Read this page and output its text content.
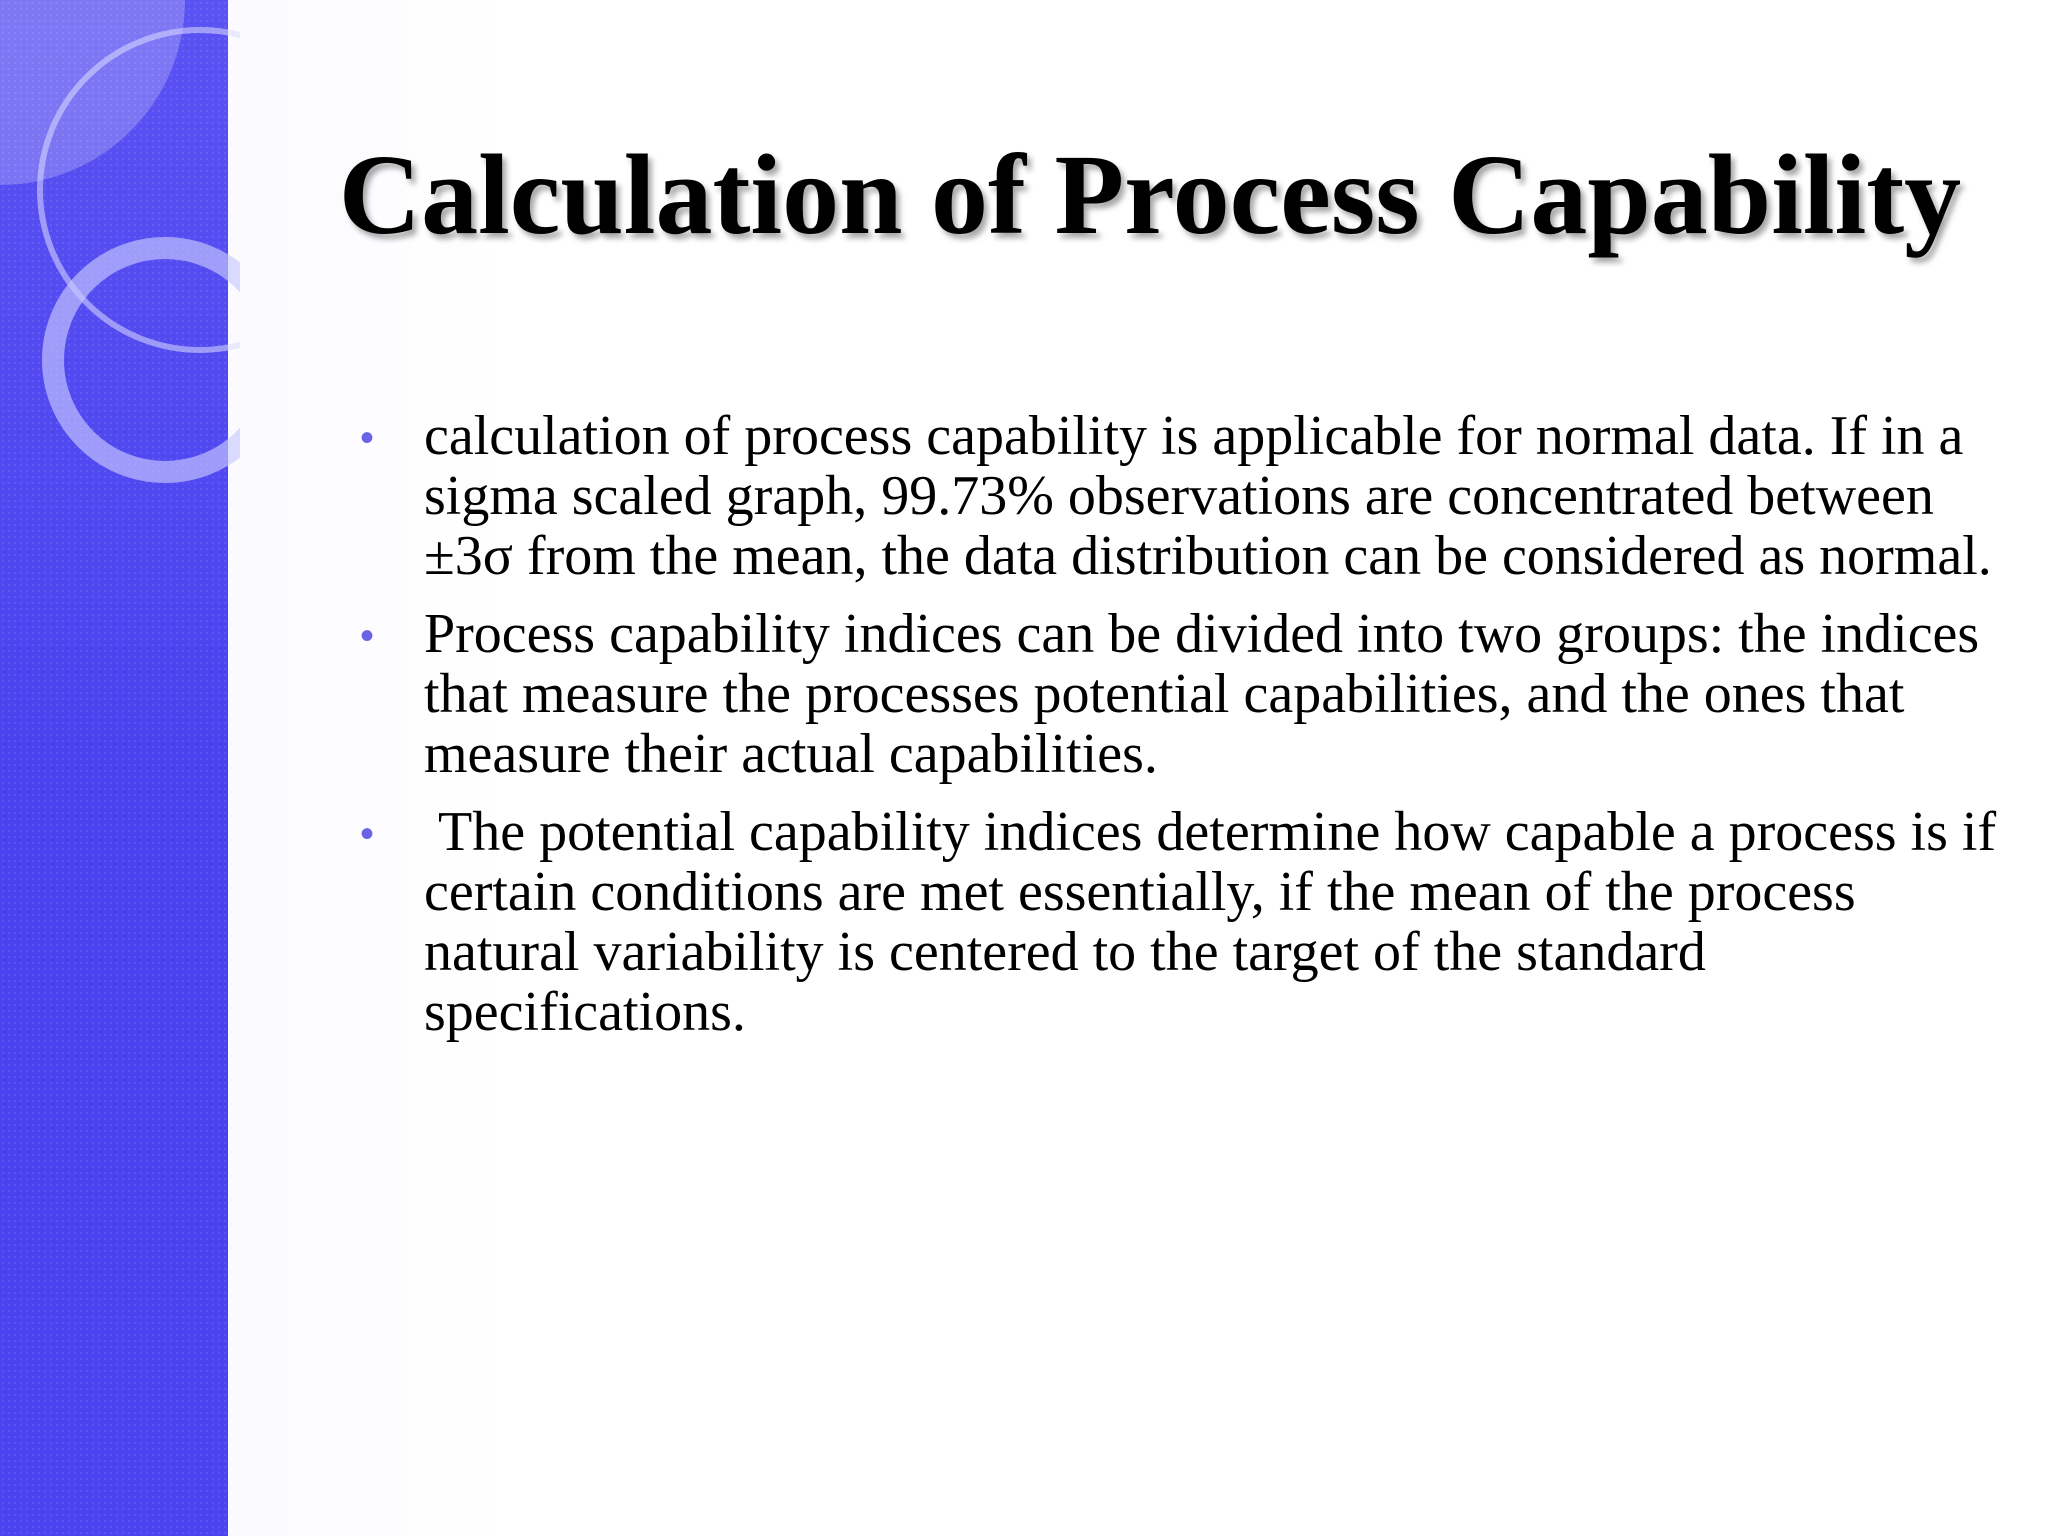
Calculation of Process Capability
• calculation of process capability is applicable for normal data. If in a sigma scaled graph, 99.73% observations are concentrated between ±3σ from the mean, the data distribution can be considered as normal.
• Process capability indices can be divided into two groups: the indices that measure the processes potential capabilities, and the ones that measure their actual capabilities.
• The potential capability indices determine how capable a process is if certain conditions are met essentially, if the mean of the process natural variability is centered to the target of the standard specifications.
